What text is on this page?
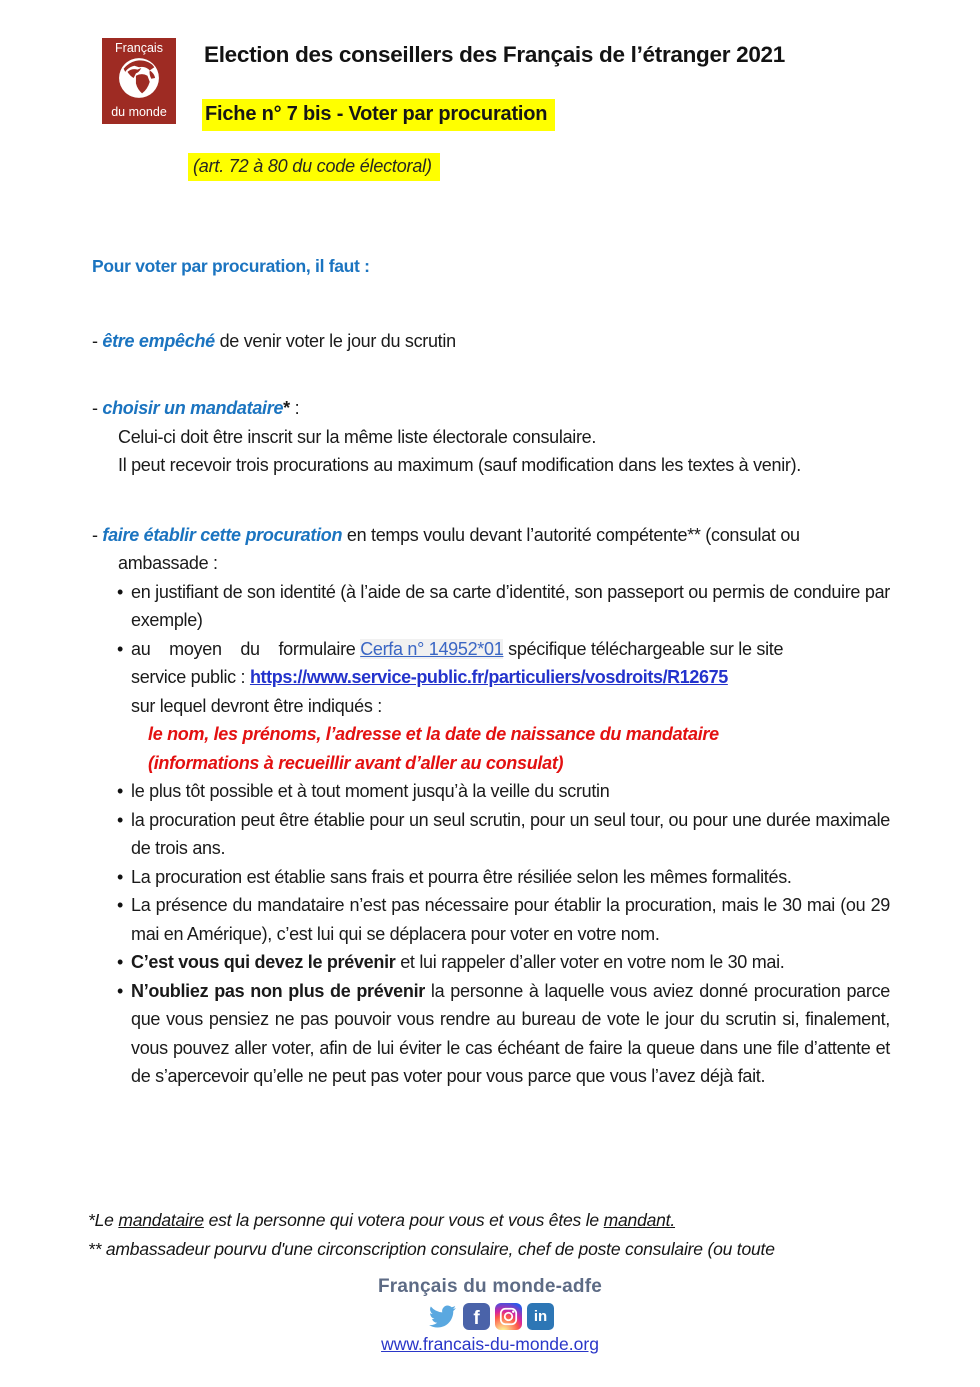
Français
du monde
Election des conseillers des Français de l’étranger 2021
Fiche n° 7 bis - Voter par procuration
(art. 72 à 80 du code électoral)

Pour voter par procuration, il faut :

- être empêché de venir voter le jour du scrutin

- choisir un mandataire* :

Celui-ci doit être inscrit sur la même liste électorale consulaire.

Il peut recevoir trois procurations au maximum (sauf modification dans les textes à venir).

- faire établir cette procuration en temps voulu devant l’autorité compétente** (consulat ou
ambassade :

• en justifiant de son identité (à l’aide de sa carte d’identité, son passeport ou permis de conduire par exemple)
• au moyen du formulaire Cerfa n° 14952*01 spécifique téléchargeable sur le site
service public : https://www.service-public.fr/particuliers/vosdroits/R12675
sur lequel devront être indiqués :
le nom, les prénoms, l’adresse et la date de naissance du mandataire
(informations à recueillir avant d’aller au consulat)
• le plus tôt possible et à tout moment jusqu’à la veille du scrutin
• la procuration peut être établie pour un seul scrutin, pour un seul tour, ou pour une durée maximale de trois ans.
• La procuration est établie sans frais et pourra être résiliée selon les mêmes formalités.
• La présence du mandataire n’est pas nécessaire pour établir la procuration, mais le 30 mai (ou 29 mai en Amérique), c’est lui qui se déplacera pour voter en votre nom.
• C’est vous qui devez le prévenir et lui rappeler d’aller voter en votre nom le 30 mai.
• N’oubliez pas non plus de prévenir la personne à laquelle vous aviez donné procuration parce que vous pensiez ne pas pouvoir vous rendre au bureau de vote le jour du scrutin si, finalement, vous pouvez aller voter, afin de lui éviter le cas échéant de faire la queue dans une file d’attente et de s’apercevoir qu’elle ne peut pas voter pour vous parce que vous l’avez déjà fait.

*Le mandataire est la personne qui votera pour vous et vous êtes le mandant.

** ambassadeur pourvu d'une circonscription consulaire, chef de poste consulaire (ou toute

Français du monde-adfe
f	in
www.francais-du-monde.org
